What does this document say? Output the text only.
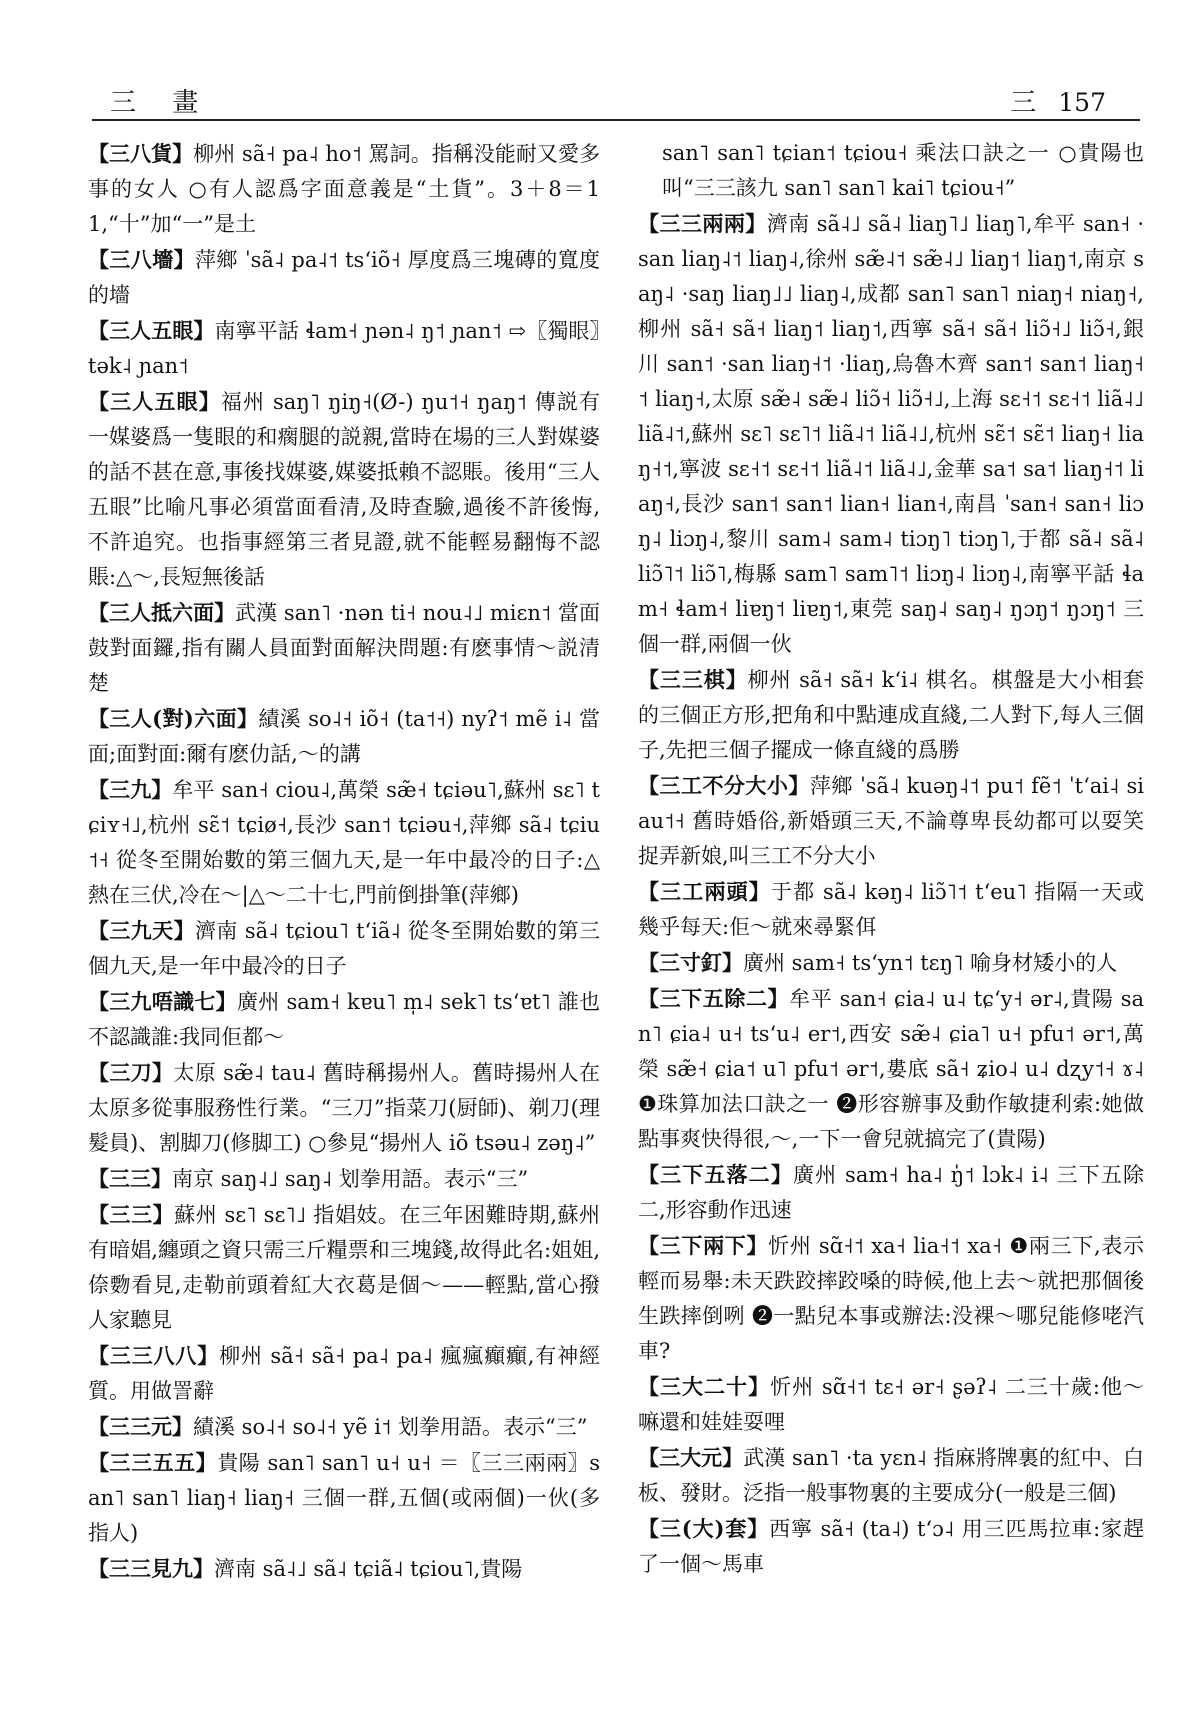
三 畫	三 157

【三八貨】柳州 sã˧ pa˨ ho˦ 罵詞。指稱没能耐又愛多事的女人 ○有人認爲字面意義是“土貨”。3＋8＝11,“十”加“一”是土

【三八墻】萍鄉 ˈsã˨ pa˨˦ tsʻiõ˧ 厚度爲三塊磚的寬度的墻

【三人五眼】南寧平話 ɬam˧ ɲən˨ ŋ˦ ɲan˦ ⇨〖獨眼〗tək˨ ɲan˦

【三人五眼】福州 saŋ˥ ŋiŋ˧(Ø-) ŋu˦˧ ŋaŋ˦ 傳説有一媒婆爲一隻眼的和瘸腿的説親,當時在場的三人對媒婆的話不甚在意,事後找媒婆,媒婆抵賴不認賬。後用“三人五眼”比喻凡事必須當面看清,及時查驗,過後不許後悔,不許追究。也指事經第三者見證,就不能輕易翻悔不認賬:△～,長短無後話

【三人抵六面】武漢 san˥ ·nən ti˧ nou˨˩ miɛn˦ 當面鼓對面鑼,指有關人員面對面解決問題:有麽事情～説清楚

【三人(對)六面】績溪 so˨˧ iõ˧ (ta˦˧) nyʔ˦ mẽ i˨ 當面;面對面:爾有麽仂話,～的講

【三九】牟平 san˧ ciou˨,萬榮 sæ̃˧ tɕiəu˥,蘇州 sɛ˥ tɕiʏ˧˩,杭州 sɛ̃˦ tɕiø˧,長沙 san˦ tɕiəu˧,萍鄉 sã˨ tɕiu˦˧ 從冬至開始數的第三個九天,是一年中最冷的日子:△熱在三伏,冷在～|△～二十七,門前倒掛筆(萍鄉)

【三九天】濟南 sã˨ tɕiou˥ tʻiã˨ 從冬至開始數的第三個九天,是一年中最冷的日子

【三九唔識七】廣州 sam˧ kɐu˥ m̩˨ sek˥ tsʻɐt˥ 誰也不認識誰:我同佢都～

【三刀】太原 sæ̃˨ tau˨ 舊時稱揚州人。舊時揚州人在太原多從事服務性行業。“三刀”指菜刀(厨師)、剃刀(理髮員)、割脚刀(修脚工) ○參見“揚州人 iõ tsəu˨ zəŋ˨”

【三三】南京 saŋ˨˩ saŋ˨ 划拳用語。表示“三”

【三三】蘇州 sɛ˥ sɛ˥˩ 指娼妓。在三年困難時期,蘇州有暗娼,纏頭之資只需三斤糧票和三塊錢,故得此名:姐姐,倷覅看見,走勒前頭着紅大衣葛是個～——輕點,當心撥人家聽見

【三三八八】柳州 sã˧ sã˧ pa˨ pa˨ 瘋瘋癲癲,有神經質。用做詈辭

【三三元】績溪 so˨˧ so˨˧ yẽ i˦ 划拳用語。表示“三”

【三三五五】貴陽 san˥ san˥ u˧ u˧ ＝〖三三兩兩〗san˥ san˥ liaŋ˧ liaŋ˧ 三個一群,五個(或兩個)一伙(多指人)

【三三見九】濟南 sã˨˩ sã˨ tɕiã˨ tɕiou˥,貴陽

san˥ san˥ tɕian˦ tɕiou˧ 乘法口訣之一 ○貴陽也叫“三三該九 san˥ san˥ kai˥ tɕiou˧”

【三三兩兩】濟南 sã˨˩ sã˨ liaŋ˥˩ liaŋ˥,牟平 san˧ ·san liaŋ˨˦ liaŋ˨,徐州 sæ̃˨˦ sæ̃˨˩ liaŋ˦ liaŋ˦,南京 saŋ˨ ·saŋ liaŋ˩˩ liaŋ˨,成都 san˥ san˥ niaŋ˧ niaŋ˧,柳州 sã˧ sã˧ liaŋ˦ liaŋ˦,西寧 sã˧ sã˧ liɔ̃˧˩ liɔ̃˧,銀川 san˦ ·san liaŋ˧˦ ·liaŋ,烏魯木齊 san˦ san˦ liaŋ˧˦ liaŋ˧,太原 sæ̃˨ sæ̃˨ liɔ̃˧ liɔ̃˧˩,上海 sɛ˧˦ sɛ˧˦ liã˨˩ liã˨˦,蘇州 sɛ˥ sɛ˥˦ liã˨˦ liã˨˩,杭州 sɛ̃˦ sɛ̃˦ liaŋ˧ liaŋ˧˦,寧波 sɛ˧˦ sɛ˧˦ liã˨˦ liã˨˩,金華 sa˦ sa˦ liaŋ˧˦ liaŋ˧,長沙 san˦ san˦ lian˧ lian˧,南昌 ˈsan˧ san˧ liɔŋ˨ liɔŋ˨,黎川 sam˨ sam˨ tiɔŋ˥ tiɔŋ˥,于都 sã˨ sã˨ liɔ̃˥˦ liɔ̃˥,梅縣 sam˥ sam˥˦ liɔŋ˨ liɔŋ˨,南寧平話 ɬam˧ ɬam˧ liɐŋ˦ liɐŋ˦,東莞 saŋ˨ saŋ˨ ŋɔŋ˦ ŋɔŋ˦ 三個一群,兩個一伙

【三三棋】柳州 sã˧ sã˧ kʻi˨ 棋名。棋盤是大小相套的三個正方形,把角和中點連成直綫,二人對下,每人三個子,先把三個子擺成一條直綫的爲勝

【三工不分大小】萍鄉 ˈsã˨ kuəŋ˨˦ pu˦ fẽ˦ ˈtʻai˨ siau˦˧ 舊時婚俗,新婚頭三天,不論尊卑長幼都可以耍笑捉弄新娘,叫三工不分大小

【三工兩頭】于都 sã˨ kəŋ˨ liɔ̃˥˦ tʻeu˥ 指隔一天或幾乎每天:佢～就來尋緊佴

【三寸釘】廣州 sam˧ tsʻyn˦ tɛŋ˥ 喻身材矮小的人

【三下五除二】牟平 san˧ ɕia˨ u˨ tɕʻy˧ ər˨,貴陽 san˥ ɕia˨ u˧ tsʻu˨ er˦,西安 sæ̃˨ ɕia˥ u˧ pfu˦ ər˦,萬榮 sæ̃˧ ɕia˦ u˥ pfu˦ ər˦,婁底 sã˧ ʑio˨ u˨ dʐy˦˧ ɤ˨ ❶珠算加法口訣之一 ❷形容辦事及動作敏捷利索:她做點事爽快得很,～,一下一會兒就搞完了(貴陽)

【三下五落二】廣州 sam˧ ha˨ ŋ̍˦ lɔk˨ i˨ 三下五除二,形容動作迅速

【三下兩下】忻州 sɑ̃˧˦ xa˧ lia˧˦ xa˧ ❶兩三下,表示輕而易舉:未天跌跤摔跤嗓的時候,他上去～就把那個後生跌摔倒咧 ❷一點兒本事或辦法:没裸～哪兒能修咾汽車?

【三大二十】忻州 sɑ̃˧˦ tɛ˧ ər˧ ʂəʔ˨ 二三十歲:他～嘛還和娃娃耍哩

【三大元】武漢 san˥ ·ta yɛn˨ 指麻將牌裏的紅中、白板、發財。泛指一般事物裏的主要成分(一般是三個)

【三(大)套】西寧 sã˧ (ta˨) tʻɔ˨ 用三匹馬拉車:家趕了一個～馬車
